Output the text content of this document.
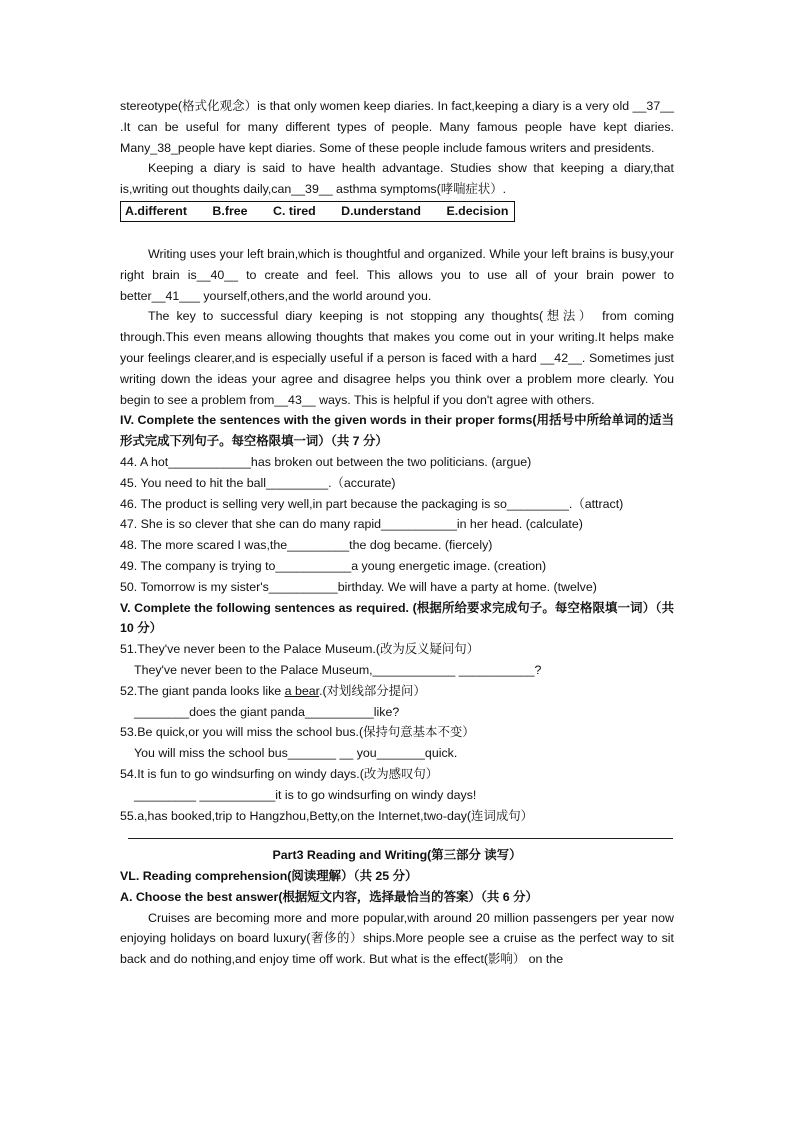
stereotype(格式化观念）is that only women keep diaries. In fact,keeping a diary is a very old __37__ .It can be useful for many different types of people. Many famous people have kept diaries. Many_38_people have kept diaries. Some of these people include famous writers and presidents.

Keeping a diary is said to have health advantage. Studies show that keeping a diary,that is,writing out thoughts daily,can__39__ asthma symptoms(哮喘症状）.

A.different B.free C. tired D.understand E.decision

Writing uses your left brain,which is thoughtful and organized. While your left brains is busy,your right brain is__40__ to create and feel. This allows you to use all of your brain power to better__41___ yourself,others,and the world around you.

The key to successful diary keeping is not stopping any thoughts(想法） from coming through.This even means allowing thoughts that makes you come out in your writing.It helps make your feelings clearer,and is especially useful if a person is faced with a hard __42__. Sometimes just writing down the ideas your agree and disagree helps you think over a problem more clearly. You begin to see a problem from__43__ ways. This is helpful if you don't agree with others.

IV. Complete the sentences with the given words in their proper forms(用括号中所给单词的适当形式完成下列句子。每空格限填一词）（共 7 分）

44. A hot____________has broken out between the two politicians. (argue)

45. You need to hit the ball_________.（accurate)

46. The product is selling very well,in part because the packaging is so_________.（attract)

47. She is so clever that she can do many rapid___________in her head. (calculate)

48. The more scared I was,the_________the dog became. (fiercely)

49. The company is trying to___________a young energetic image. (creation)

50. Tomorrow is my sister's__________birthday. We will have a party at home. (twelve)

V. Complete the following sentences as required. (根据所给要求完成句子。每空格限填一词）（共 10 分）

51.They've never been to the Palace Museum.(改为反义疑问句）

They've never been to the Palace Museum,____________ ___________?

52.The giant panda looks like a bear.(对划线部分提问）

________does the giant panda__________like?

53.Be quick,or you will miss the school bus.(保持句意基本不变）

You will miss the school bus_______ __ you_______quick.

54.It is fun to go windsurfing on windy days.(改为感叹句）

_________ ___________it is to go windsurfing on windy days!

55.a,has booked,trip to Hangzhou,Betty,on the Internet,two-day(连词成句）

Part3 Reading and Writing(第三部分 读写）

VL. Reading comprehension(阅读理解）（共 25 分）

A. Choose the best answer(根据短文内容，选择最恰当的答案）（共 6 分）

Cruises are becoming more and more popular,with around 20 million passengers per year now enjoying holidays on board luxury(奢侈的）ships.More people see a cruise as the perfect way to sit back and do nothing,and enjoy time off work. But what is the effect(影响） on the
